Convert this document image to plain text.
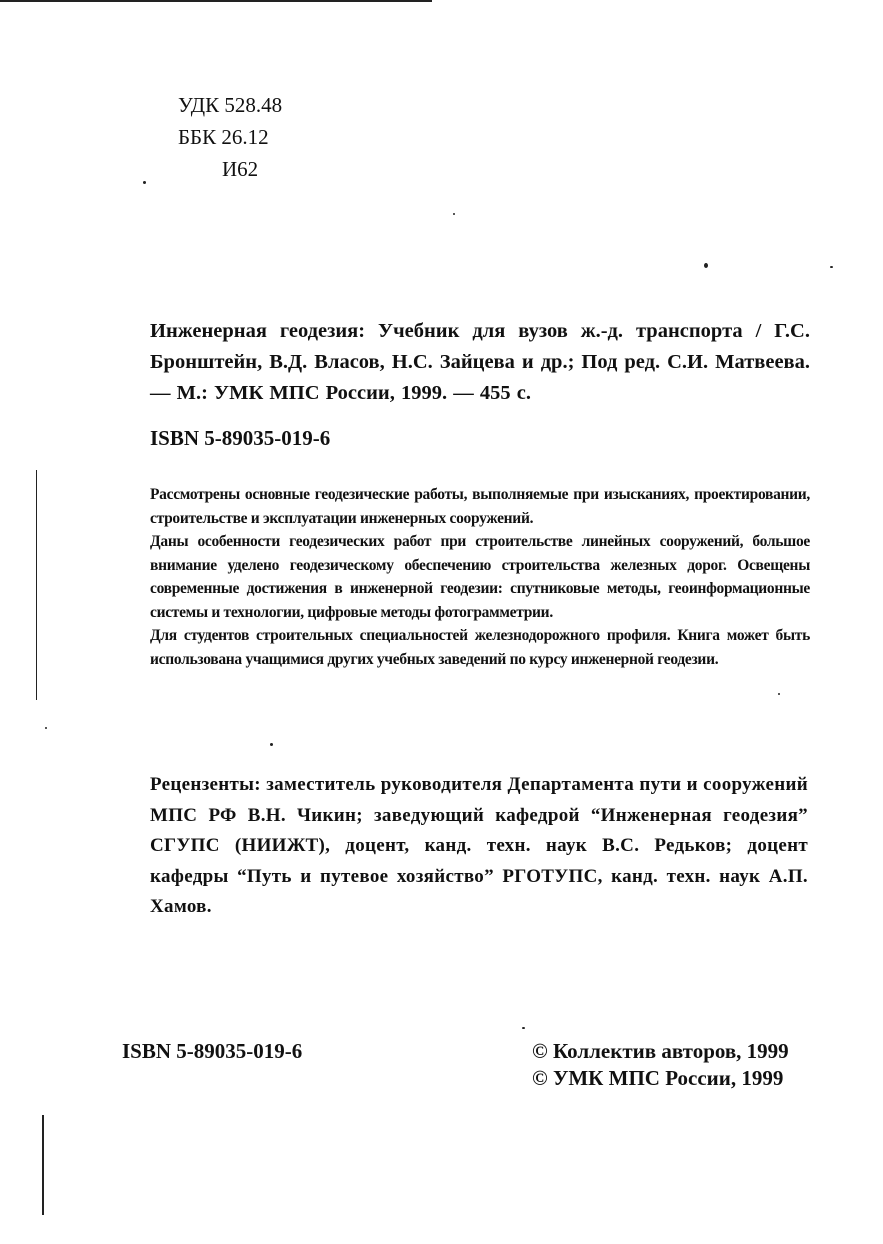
УДК 528.48
ББК 26.12
И62
Инженерная геодезия: Учебник для вузов ж.-д. транспорта / Г.С. Бронштейн, В.Д. Власов, Н.С. Зайцева и др.; Под ред. С.И. Матвеева. — М.: УМК МПС России, 1999. — 455 с.
ISBN 5-89035-019-6

Рассмотрены основные геодезические работы, выполняемые при изысканиях, проектировании, строительстве и эксплуатации инженерных сооружений.

Даны особенности геодезических работ при строительстве линейных сооружений, большое внимание уделено геодезическому обеспечению строительства железных дорог. Освещены современные достижения в инженерной геодезии: спутниковые методы, геоинформационные системы и технологии, цифровые методы фотограмметрии.

Для студентов строительных специальностей железнодорожного профиля. Книга может быть использована учащимися других учебных заведений по курсу инженерной геодезии.

Рецензенты: заместитель руководителя Департамента пути и сооружений МПС РФ В.Н. Чикин; заведующий кафедрой “Инженерная геодезия” СГУПС (НИИЖТ), доцент, канд. техн. наук В.С. Редьков; доцент кафедры “Путь и путевое хозяйство” РГОТУПС, канд. техн. наук А.П. Хамов.
ISBN 5-89035-019-6	© Коллектив авторов, 1999
© УМК МПС России, 1999
